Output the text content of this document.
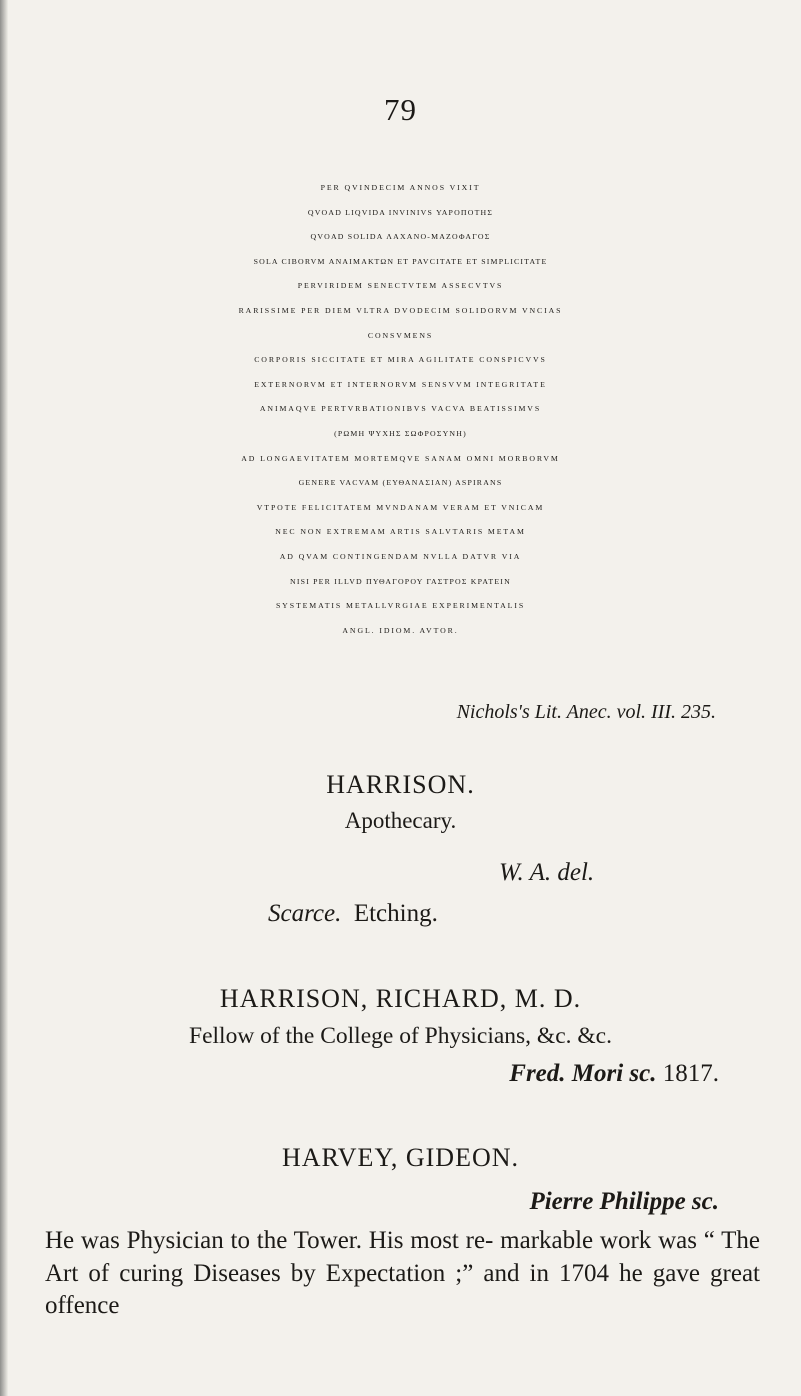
79
PER QVINDECIM ANNOS VIXIT
QVOAD LIQVIDA INVINIVS ΥΑΡΟΠΟΤΗΣ
QVOAD SOLIDA ΛΑΧΑΝΟ-ΜΑΖΟΦΑΓΟΣ
SOLA CIBORVM ΑΝΑΙΜΑΚΤΩΝ ET PAVCITATE ET SIMPLICITATE
PERVIRIDEM SENECTVTEM ASSECVTVS
RARISSIME PER DIEM VLTRA DVODECIM SOLIDORVM VNCIAS
CONSVMENS
CORPORIS SICCITATE ET MIRA AGILITATE CONSPICVVS
EXTERNORVM ET INTERNORVM SENSVVM INTEGRITATE
ANIMAQVE PERTVRBATIONIBVS VACVA BEATISSIMVS
(ΡΩΜΗ ΨΥΧΗΣ ΣΩΦΡΟΣΥΝΗ)
AD LONGAEVITATEM MORTEMQVE SANAM OMNI MORBORVM
GENERE VACVAM (ΕΥΘΑΝΑΣΙΑΝ) ASPIRANS
VTPOTE FELICITATEM MVNDANAM VERAM ET VNICAM
NEC NON EXTREMAM ARTIS SALVTARIS METAM
AD QVAM CONTINGENDAM NVLLA DATVR VIA
NISI PER ILLVD ΠΥΘΑΓΟΡΟΥ ΓΑΣΤΡΟΣ ΚΡΑΤΕΙΝ
SYSTEMATIS METALLVRGIAE EXPERIMENTALIS
ANGL. IDIOM. AVTOR.
Nichols's Lit. Anec. vol. III. 235.
HARRISON.
Apothecary.
W. A. del.
Scarce. Etching.
HARRISON, RICHARD, M. D.
Fellow of the College of Physicians, &c. &c.
Fred. Mori sc. 1817.
HARVEY, GIDEON.
Pierre Philippe sc.
He was Physician to the Tower. His most re- markable work was “ The Art of curing Diseases by Expectation ;” and in 1704 he gave great offence
